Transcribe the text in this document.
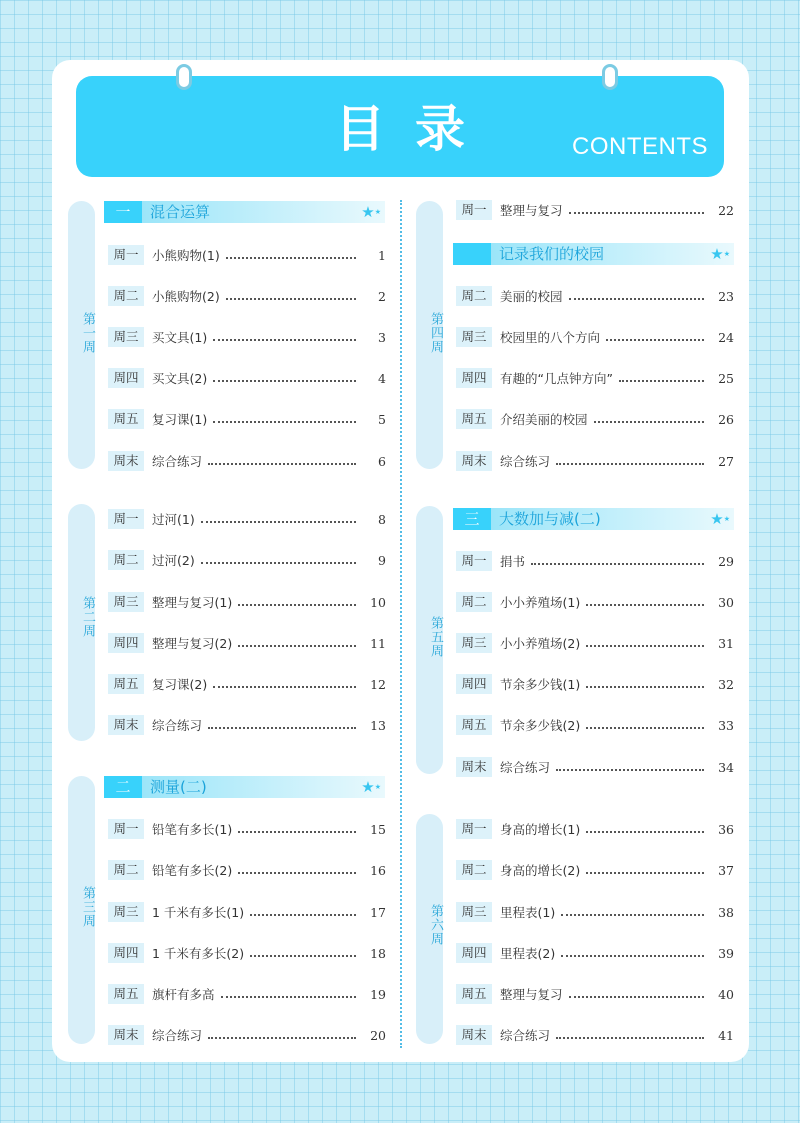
目录	CONTENTS
第一周
第二周
第三周
第四周
第五周
第六周
一	混合运算	★★
二	测量(二)	★★
记录我们的校园	★★
三	大数加与减(二)	★★
周一	小熊购物(1)	1
周二	小熊购物(2)	2
周三	买文具(1)	3
周四	买文具(2)	4
周五	复习课(1)	5
周末	综合练习	6
周一	过河(1)	8
周二	过河(2)	9
周三	整理与复习(1)	10
周四	整理与复习(2)	11
周五	复习课(2)	12
周末	综合练习	13
周一	铅笔有多长(1)	15
周二	铅笔有多长(2)	16
周三	1 千米有多长(1)	17
周四	1 千米有多长(2)	18
周五	旗杆有多高	19
周末	综合练习	20
周一	整理与复习	22
周二	美丽的校园	23
周三	校园里的八个方向	24
周四	有趣的“几点钟方向”	25
周五	介绍美丽的校园	26
周末	综合练习	27
周一	捐书	29
周二	小小养殖场(1)	30
周三	小小养殖场(2)	31
周四	节余多少钱(1)	32
周五	节余多少钱(2)	33
周末	综合练习	34
周一	身高的增长(1)	36
周二	身高的增长(2)	37
周三	里程表(1)	38
周四	里程表(2)	39
周五	整理与复习	40
周末	综合练习	41
